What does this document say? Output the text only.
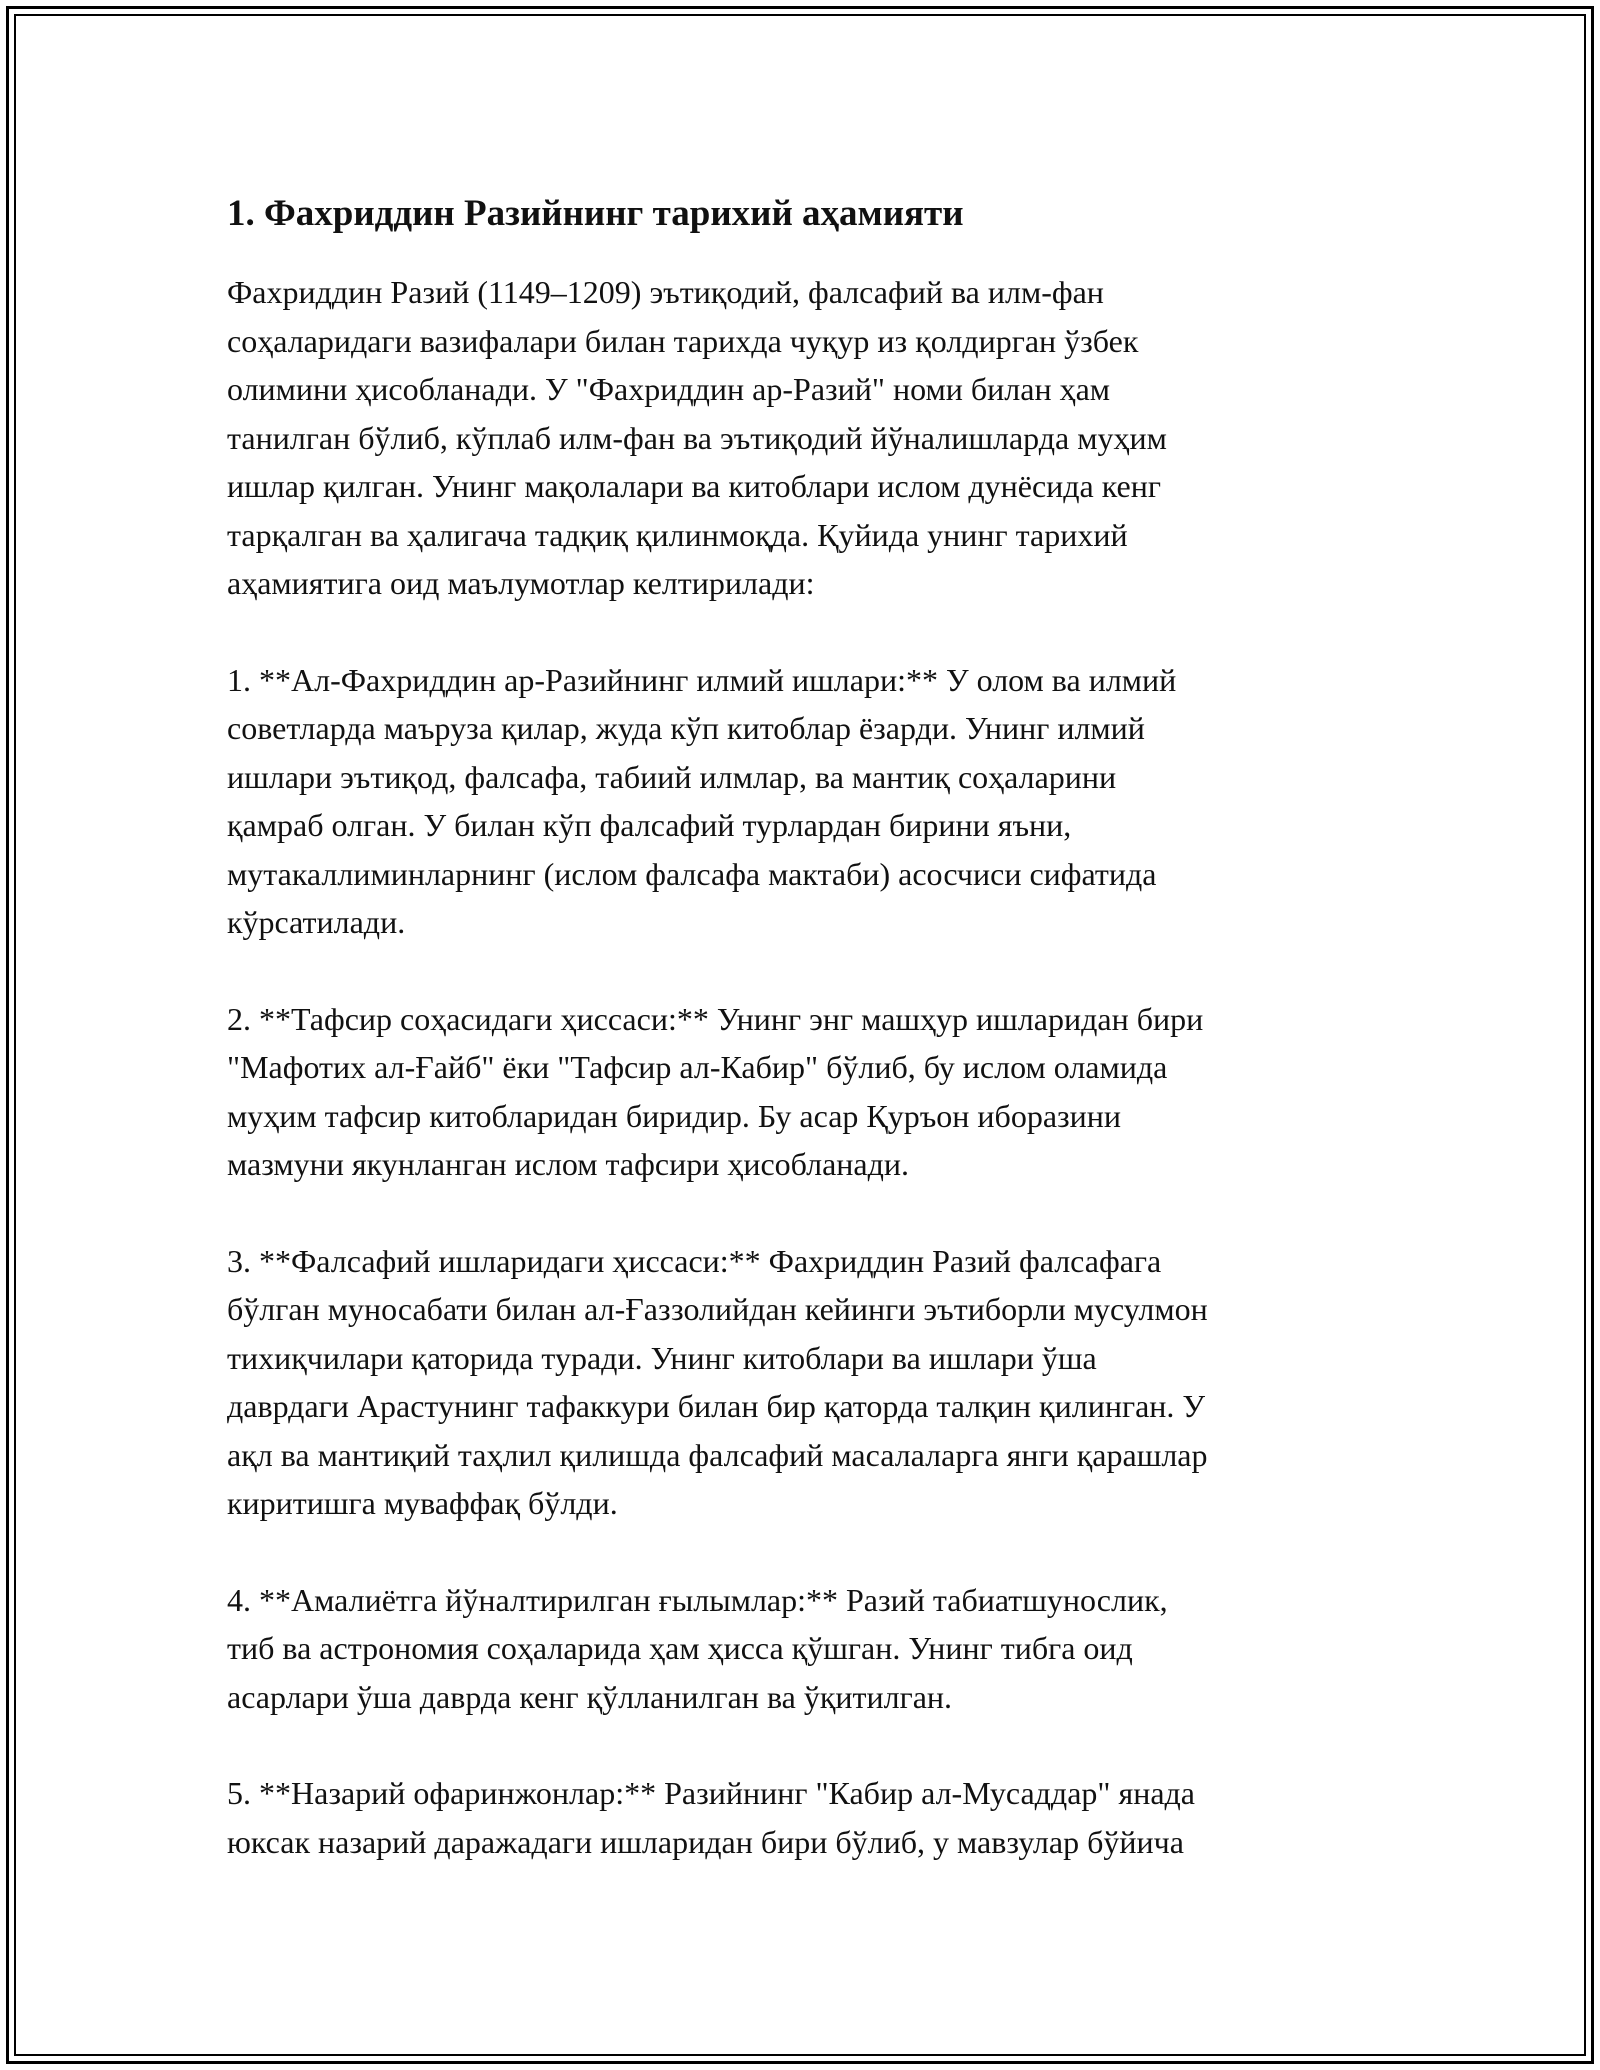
1. Фахриддин Разийнинг тарихий аҳамияти
Фахриддин Разий (1149–1209) эътиқодий, фалсафий ва илм-фан
соҳаларидаги вазифалари билан тарихда чуқур из қолдирган ўзбек
олимини ҳисобланади. У "Фахриддин ар-Разий" номи билан ҳам
танилган бўлиб, кўплаб илм-фан ва эътиқодий йўналишларда муҳим
ишлар қилган. Унинг мақолалари ва китоблари ислом дунёсида кенг
тарқалган ва ҳалигача тадқиқ қилинмоқда. Қуйида унинг тарихий
аҳамиятига оид маълумотлар келтирилади:
1. **Ал-Фахриддин ар-Разийнинг илмий ишлари:** У олом ва илмий
советларда маърузa қилар, жуда кўп китоблар ёзарди. Унинг илмий
ишлари эътиқод, фалсафа, табиий илмлар, ва мантиқ соҳаларини
қамраб олган. У билан кўп фалсафий турлардан бирини яъни,
мутакаллиминларнинг (ислом фалсафа мактаби) асосчиси сифатида
кўрсатилади.
2. **Тафсир соҳасидаги ҳиссаси:** Унинг энг машҳур ишларидан бири
"Мафотих ал-Ғайб" ёки "Тафсир ал-Кабир" бўлиб, бу ислом оламида
муҳим тафсир китобларидан биридир. Бу асар Қуръон ибoразини
мазмуни якунланган ислом тафсири ҳисобланади.
3. **Фалсафий ишларидаги ҳиссаси:** Фахриддин Разий фалсафага
бўлган муносабати билан ал-Ғаззолийдан кейинги эътиборли мусулмон
тихиқчилари қаторида туради. Унинг китоблари ва ишлари ўша
даврдаги Арастунинг тафаккури билан бир қаторда талқин қилинган. У
ақл ва мантиқий таҳлил қилишда фалсафий масалаларга янги қарашлар
киритишга муваффақ бўлди.
4. **Амалиётга йўналтирилган ғылымлар:** Разий табиатшунослик,
тиб ва астрономия соҳаларида ҳам ҳисса қўшган. Унинг тибга оид
асарлари ўша даврда кенг қўлланилган ва ўқитилган.
5. **Назарий офаринжонлар:** Разийнинг "Кабир ал-Мусаддар" янада
юксак назарий даражадаги ишларидан бири бўлиб, у мавзулар бўйича
